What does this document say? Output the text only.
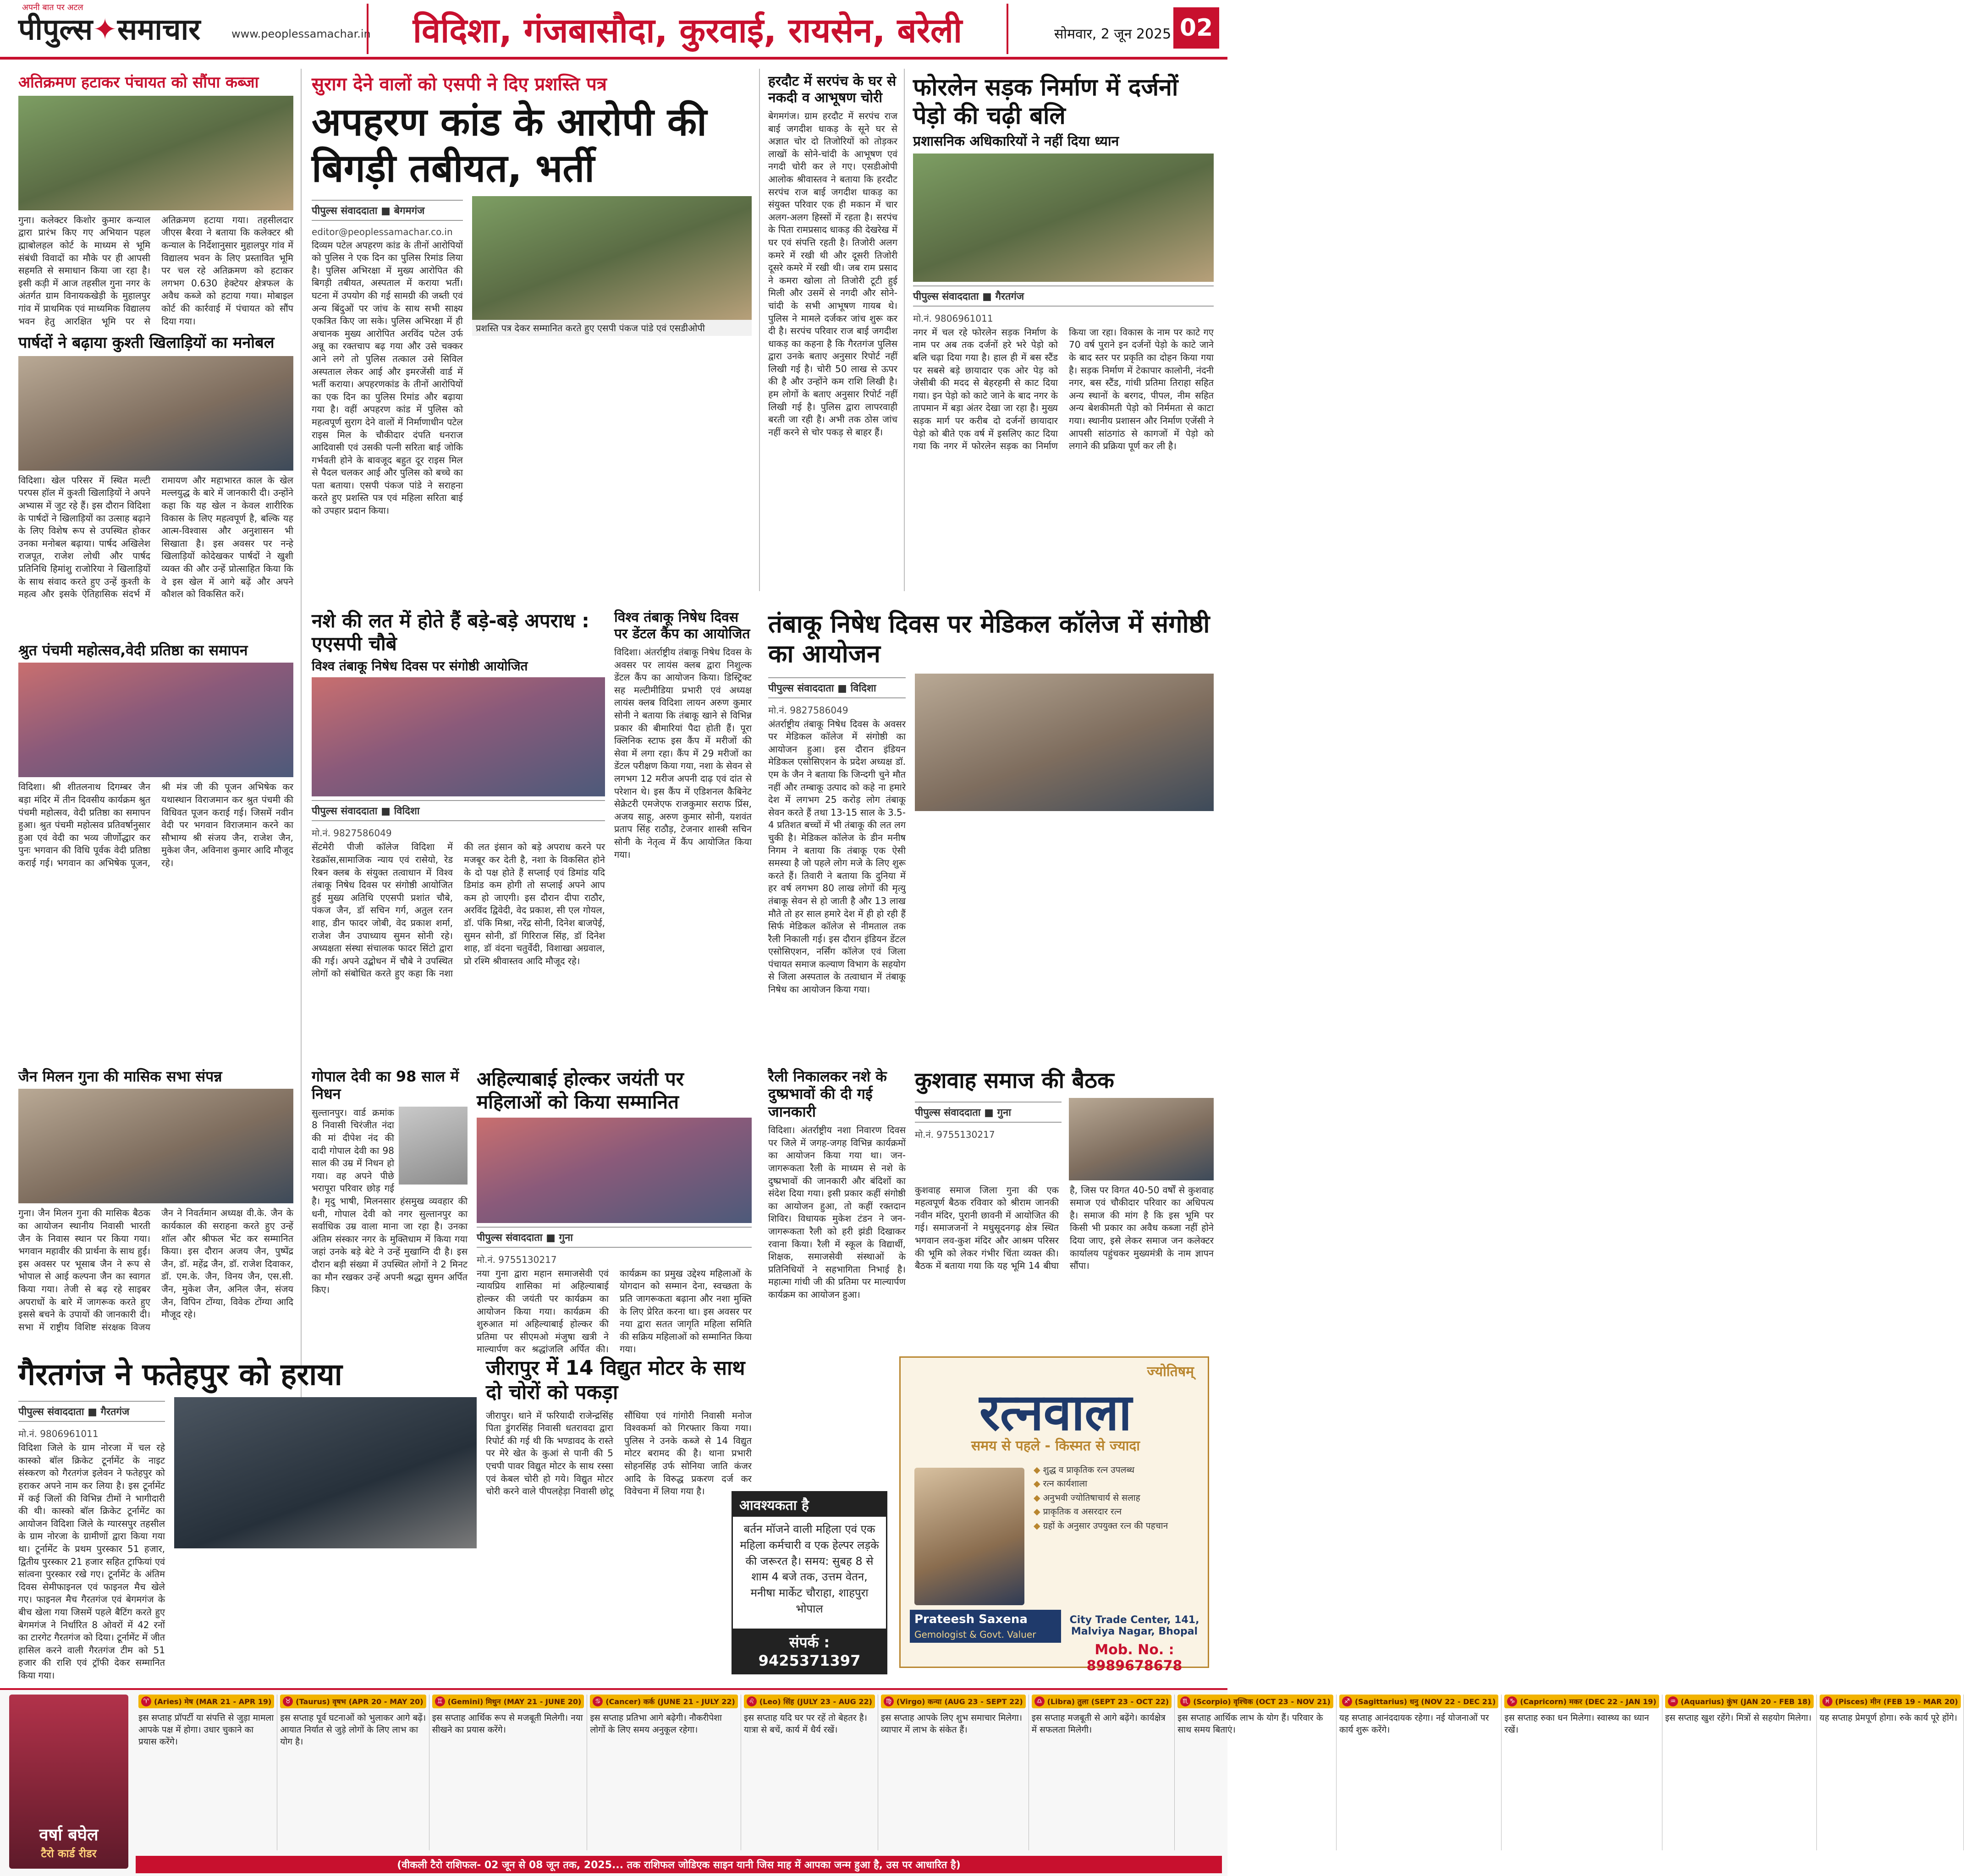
अपनी बात पर अटल
पीपुल्स✦समाचार	www.peoplessamachar.in	विदिशा, गंजबासौदा, कुरवाई, रायसेन, बरेली	सोमवार, 2 जून 2025 02
अतिक्रमण हटाकर पंचायत को सौंपा कब्जा
गुना। कलेक्टर किशोर कुमार कन्याल द्वारा प्रारंभ किए गए अभियान पहल ह्माबोलहल कोर्ट के माध्यम से भूमि संबंधी विवादों का मौके पर ही आपसी सहमति से समाधान किया जा रहा है। इसी कड़ी में आज तहसील गुना नगर के अंतर्गत ग्राम विनायकखेड़ी के मुहालपुर गांव में प्राथमिक एवं माध्यमिक विद्यालय भवन हेतु आरक्षित भूमि पर से अतिक्रमण हटाया गया। तहसीलदार जीएस बैरवा ने बताया कि कलेक्टर श्री कन्याल के निर्देशानुसार मुहालपुर गांव में विद्यालय भवन के लिए प्रस्तावित भूमि पर चल रहे अतिक्रमण को हटाकर लगभग 0.630 हेक्टेयर क्षेत्रफल के अवैध कब्जे को हटाया गया। मोबाइल कोर्ट की कार्रवाई में पंचायत को सौंप दिया गया।
पार्षदों ने बढ़ाया कुश्ती खिलाड़ियों का मनोबल
विदिशा। खेल परिसर में स्थित मल्टी परपस हॉल में कुश्ती खिलाड़ियों ने अपने अभ्यास में जुट रहे हैं। इस दौरान विदिशा के पार्षदों ने खिलाड़ियों का उत्साह बढ़ाने के लिए विशेष रूप से उपस्थित होकर उनका मनोबल बढ़ाया। पार्षद अखिलेश राजपूत, राजेश लोधी और पार्षद प्रतिनिधि हिमांशु राजोरिया ने खिलाड़ियों के साथ संवाद करते हुए उन्हें कुश्ती के महत्व और इसके ऐतिहासिक संदर्भ में रामायण और महाभारत काल के खेल मल्लयुद्ध के बारे में जानकारी दी। उन्होंने कहा कि यह खेल न केवल शारीरिक विकास के लिए महत्वपूर्ण है, बल्कि यह आत्म-विश्वास और अनुशासन भी सिखाता है। इस अवसर पर नन्हे खिलाड़ियों कोदेखकर पार्षदों ने खुशी व्यक्त की और उन्हें प्रोत्साहित किया कि वे इस खेल में आगे बढ़ें और अपने कौशल को विकसित करें।
श्रुत पंचमी महोत्सव,वेदी प्रतिष्ठा का समापन
विदिशा। श्री शीतलनाथ दिगम्बर जैन बड़ा मंदिर में तीन दिवसीय कार्यक्रम श्रुत पंचमी महोत्सव, वेदी प्रतिष्ठा का समापन हुआ। श्रुत पंचमी महोत्सव प्रतिवर्षानुसार हुआ एवं वेदी का भव्य जीर्णोद्धार कर पुनः भगवान की विधि पूर्वक वेदी प्रतिष्ठा कराई गई। भगवान का अभिषेक पूजन, श्री मंत्र जी की पूजन अभिषेक कर यथास्थान विराजमान कर श्रुत पंचमी की विधिवत पूजन कराई गई। जिसमें नवीन वेदी पर भगवान विराजमान करने का सौभाग्य श्री संजय जैन, राजेश जैन, मुकेश जैन, अविनाश कुमार आदि मौजूद रहे।
जैन मिलन गुना की मासिक सभा संपन्न
गुना। जैन मिलन गुना की मासिक बैठक का आयोजन स्थानीय निवासी भारती जैन के निवास स्थान पर किया गया। भगवान महावीर की प्रार्थना के साथ हुई। इस अवसर पर भूसाब जैन ने रूप से भोपाल से आई कल्पना जैन का स्वागत किया गया। तेजी से बढ़ रहे साइबर अपराधों के बारे में जागरूक करते हुए इससे बचने के उपायों की जानकारी दी। सभा में राष्ट्रीय विशिष्ट संरक्षक विजय जैन ने निवर्तमान अध्यक्ष वी.के. जैन के कार्यकाल की सराहना करते हुए उन्हें शॉल और श्रीफल भेंट कर सम्मानित किया। इस दौरान अजय जैन, पुष्पेंद्र जैन, डॉ. महेंद्र जैन, डॉ. राजेश दिवाकर, डॉ. एम.के. जैन, विनय जैन, एस.सी. जैन, मुकेश जैन, अनिल जैन, संजय जैन, विपिन टोंग्या, विवेक टोंग्या आदि मौजूद रहे।
सुराग देने वालों को एसपी ने दिए प्रशस्ति पत्र
अपहरण कांड के आरोपी की बिगड़ी तबीयत, भर्ती
पीपुल्स संवाददाता ■ बेगमगंज
editor@peoplessamachar.co.in
दिव्यम पटेल अपहरण कांड के तीनों आरोपियों को पुलिस ने एक दिन का पुलिस रिमांड लिया है। पुलिस अभिरक्षा में मुख्य आरोपित की बिगड़ी तबीयत, अस्पताल में कराया भर्ती। घटना में उपयोग की गई सामग्री की जब्ती एवं अन्य बिंदुओं पर जांच के साथ सभी साक्ष्य एकत्रित किए जा सके। पुलिस अभिरक्षा में ही अचानक मुख्य आरोपित अरविंद पटेल उर्फ अन्नू का रक्तचाप बढ़ गया और उसे चक्कर आने लगे तो पुलिस तत्काल उसे सिविल अस्पताल लेकर आई और इमरजेंसी वार्ड में भर्ती कराया। अपहरणकांड के तीनों आरोपियों का एक दिन का पुलिस रिमांड और बढ़ाया गया है। वहीं अपहरण कांड में पुलिस को महत्वपूर्ण सुराग देने वालों में निर्माणाधीन पटेल राइस मिल के चौकीदार दंपति धनराज आदिवासी एवं उसकी पत्नी सरिता बाई जोकि गर्भवती होने के बावजूद बहुत दूर राइस मिल से पैदल चलकर आई और पुलिस को बच्चे का पता बताया। एसपी पंकज पांडे ने सराहना करते हुए प्रशस्ति पत्र एवं महिला सरिता बाई को उपहार प्रदान किया।
प्रशस्ति पत्र देकर सम्मानित करते हुए एसपी पंकज पांडे एवं एसडीओपी
हरदौट में सरपंच के घर से नकदी व आभूषण चोरी
बेगमगंज। ग्राम हरदौट में सरपंच राज बाई जगदीश धाकड़ के सूने घर से अज्ञात चोर दो तिजोरियों को तोड़कर लाखों के सोने-चांदी के आभूषण एवं नगदी चोरी कर ले गए। एसडीओपी आलोक श्रीवास्तव ने बताया कि हरदौट सरपंच राज बाई जगदीश धाकड़ का संयुक्त परिवार एक ही मकान में चार अलग-अलग हिस्सों में रहता है। सरपंच के पिता रामप्रसाद धाकड़ की देखरेख में घर एवं संपत्ति रहती है। तिजोरी अलग कमरे में रखी थी और दूसरी तिजोरी दूसरे कमरे में रखी थी। जब राम प्रसाद ने कमरा खोला तो तिजोरी टूटी हुई मिली और उसमें से नगदी और सोने-चांदी के सभी आभूषण गायब थे। पुलिस ने मामले दर्जकर जांच शुरू कर दी है। सरपंच परिवार राज बाई जगदीश धाकड़ का कहना है कि गैरतगंज पुलिस द्वारा उनके बताए अनुसार रिपोर्ट नहीं लिखी गई है। चोरी 50 लाख से ऊपर की है और उन्होंने कम राशि लिखी है। हम लोगों के बताए अनुसार रिपोर्ट नहीं लिखी गई है। पुलिस द्वारा लापरवाही बरती जा रही है। अभी तक ठोस जांच नहीं करने से चोर पकड़ से बाहर हैं।
फोरलेन सड़क निर्माण में दर्जनों पेड़ो की चढ़ी बलि
प्रशासनिक अधिकारियों ने नहीं दिया ध्यान
पीपुल्स संवाददाता ■ गैरतगंज
मो.नं. 9806961011
नगर में चल रहे फोरलेन सड़क निर्माण के नाम पर अब तक दर्जनों हरे भरे पेड़ो को बलि चढ़ा दिया गया है। हाल ही में बस स्टैंड पर सबसे बड़े छायादार एक ओर पेड़ को जेसीबी की मदद से बेहरहमी से काट दिया गया। इन पेड़ो को काटे जाने के बाद नगर के तापमान में बड़ा अंतर देखा जा रहा है। मुख्य सड़क मार्ग पर करीब दो दर्जनों छायादार पेड़ो को बीते एक वर्ष में इसलिए काट दिया गया कि नगर में फोरलेन सड़क का निर्माण किया जा रहा। विकास के नाम पर काटे गए 70 वर्ष पुराने इन दर्जनों पेड़ो के काटे जाने के बाद स्तर पर प्रकृति का दोहन किया गया है। सड़क निर्माण में टेकापार कालोनी, नंदनी नगर, बस स्टैंड, गांधी प्रतिमा तिराहा सहित अन्य स्थानों के बरगद, पीपल, नीम सहित अन्य बेशकीमती पेड़ो को निर्ममता से काटा गया। स्थानीय प्रशासन और निर्माण एजेंसी ने आपसी सांठगांठ से कागजों में पेड़ो को लगाने की प्रक्रिया पूर्ण कर ली है।
नशे की लत में होते हैं बड़े-बड़े अपराध : एएसपी चौबे
विश्व तंबाकू निषेध दिवस पर संगोष्ठी आयोजित
पीपुल्स संवाददाता ■ विदिशा
मो.नं. 9827586049
सेंटमेरी पीजी कॉलेज विदिशा में रेडक्रॉस,सामाजिक न्याय एवं रासेयो, रेड रिबन क्लब के संयुक्त तत्वाधान में विश्व तंबाकू निषेध दिवस पर संगोष्ठी आयोजित हुई मुख्य अतिथि एएसपी प्रशांत चौबे, पंकज जैन, डॉ सचिन गर्ग, अतुल रतन शाह, डीन फादर जोबी, वेद प्रकाश शर्मा, राजेश जैन उपाध्याय सुमन सोनी रहे। अध्यक्षता संस्था संचालक फादर सिंटो द्वारा की गई। अपने उद्बोधन में चौबे ने उपस्थित लोगों को संबोधित करते हुए कहा कि नशा की लत इंसान को बड़े अपराध करने पर मजबूर कर देती है, नशा के विकसित होने के दो पक्ष होते हैं सप्लाई एवं डिमांड यदि डिमांड कम होगी तो सप्लाई अपने आप कम हो जाएगी। इस दौरान दीपा राठौर, अरविंद द्विवेदी, वेद प्रकाश, सी एल गोयल, डॉ. पंकि मिश्रा, नरेंद्र सोनी, दिनेश बाजपेई, सुमन सोनी, डॉ गिरिराज सिंह, डॉ दिनेश शाह, डॉ वंदना चतुर्वेदी, विशाखा अग्रवाल, प्रो रश्मि श्रीवास्तव आदि मौजूद रहे।
विश्व तंबाकू निषेध दिवस पर डेंटल कैंप का आयोजित
विदिशा। अंतर्राष्ट्रीय तंबाकू निषेध दिवस के अवसर पर लायंस क्लब द्वारा निशुल्क डेंटल कैंप का आयोजन किया। डिस्ट्रिक्ट सह मल्टीमीडिया प्रभारी एवं अध्यक्ष लायंस क्लब विदिशा लायन अरुण कुमार सोनी ने बताया कि तंबाकू खाने से विभिन्न प्रकार की बीमारियां पैदा होती हैं। पूरा क्लिनिक स्टाफ इस कैंप में मरीजों की सेवा में लगा रहा। कैंप में 29 मरीजों का डेंटल परीक्षण किया गया, नशा के सेवन से लगभग 12 मरीज अपनी दाढ़ एवं दांत से परेशान थे। इस कैंप में एडिशनल कैबिनेट सेक्रेटरी एमजेएफ राजकुमार सराफ प्रिंस, अजय साहू, अरुण कुमार सोनी, यशवंत प्रताप सिंह राठौड़, टेजनार शास्त्री सचिन सोनी के नेतृत्व में कैंप आयोजित किया गया।
तंबाकू निषेध दिवस पर मेडिकल कॉलेज में संगोष्ठी का आयोजन
पीपुल्स संवाददाता ■ विदिशा
मो.नं. 9827586049
अंतर्राष्ट्रीय तंबाकू निषेध दिवस के अवसर पर मेडिकल कॉलेज में संगोष्ठी का आयोजन हुआ। इस दौरान इंडियन मेडिकल एसोसिएशन के प्रदेश अध्यक्ष डॉ. एम के जैन ने बताया कि जिन्दगी चुने मौत नहीं और तम्बाकू उत्पाद को कहे ना हमारे देश में लगभग 25 करोड़ लोग तंबाकू सेवन करते हैं तथा 13-15 साल के 3.5-4 प्रतिशत बच्चों में भी तंबाकू की लत लग चुकी है। मेडिकल कॉलेज के डीन मनीष निगम ने बताया कि तंबाकू एक ऐसी समस्या है जो पहले लोग मजे के लिए शुरू करते हैं। तिवारी ने बताया कि दुनिया में हर वर्ष लगभग 80 लाख लोगों की मृत्यु तंबाकू सेवन से हो जाती है और 13 लाख मौते तो हर साल हमारे देश में ही हो रही हैं सिर्फ मेडिकल कॉलेज से नीमताल तक रैली निकाली गई। इस दौरान इंडियन डेंटल एसोसिएशन, नर्सिंग कॉलेज एवं जिला पंचायत समाज कल्याण विभाग के सहयोग से जिला अस्पताल के तत्वाधान में तंबाकू निषेध का आयोजन किया गया।
गोपाल देवी का 98 साल में निधन
सुल्तानपुर। वार्ड क्रमांक 8 निवासी चिरंजीत नंदा की मां दीपेश नंद की दादी गोपाल देवी का 98 साल की उम्र में निधन हो गया। वह अपने पीछे भरापूरा परिवार छोड़ गई है। मृदु भाषी, मिलनसार हंसमुख व्यवहार की धनी, गोपाल देवी को नगर सुल्तानपुर का सर्वाधिक उम्र वाला माना जा रहा है। उनका अंतिम संस्कार नगर के मुक्तिधाम में किया गया जहां उनके बड़े बेटे ने उन्हें मुखाग्नि दी है। इस दौरान बड़ी संख्या में उपस्थित लोगों ने 2 मिनट का मौन रखकर उन्हें अपनी श्रद्धा सुमन अर्पित किए।
अहिल्याबाई होल्कर जयंती पर महिलाओं को किया सम्मानित
पीपुल्स संवाददाता ■ गुना
मो.नं. 9755130217
नया गुना द्वारा महान समाजसेवी एवं न्यायप्रिय शासिका मां अहिल्याबाई होल्कर की जयंती पर कार्यक्रम का आयोजन किया गया। कार्यक्रम की शुरुआत मां अहिल्याबाई होल्कर की प्रतिमा पर सीएमओ मंजुषा खत्री ने माल्यार्पण कर श्रद्धांजलि अर्पित की। कार्यक्रम का प्रमुख उद्देश्य महिलाओं के योगदान को सम्मान देना, स्वच्छता के प्रति जागरूकता बढ़ाना और नशा मुक्ति के लिए प्रेरित करना था। इस अवसर पर नया द्वारा सतत जागृति महिला समिति की सक्रिय महिलाओं को सम्मानित किया गया।
रैली निकालकर नशे के दुष्प्रभावों की दी गई जानकारी
विदिशा। अंतर्राष्ट्रीय नशा निवारण दिवस पर जिले में जगह-जगह विभिन्न कार्यक्रमों का आयोजन किया गया था। जन-जागरूकता रैली के माध्यम से नशे के दुष्प्रभावों की जानकारी और बंदिशों का संदेश दिया गया। इसी प्रकार कहीं संगोष्ठी का आयोजन हुआ, तो कहीं रक्तदान शिविर। विधायक मुकेश टंडन ने जन-जागरूकता रैली को हरी झंडी दिखाकर रवाना किया। रैली में स्कूल के विद्यार्थी, शिक्षक, समाजसेवी संस्थाओं के प्रतिनिधियों ने सहभागिता निभाई है। महात्मा गांधी जी की प्रतिमा पर माल्यार्पण कार्यक्रम का आयोजन हुआ।
कुशवाह समाज की बैठक
पीपुल्स संवाददाता ■ गुना
मो.नं. 9755130217
कुशवाह समाज जिला गुना की एक महत्वपूर्ण बैठक रविवार को श्रीराम जानकी नवीन मंदिर, पुरानी छावनी में आयोजित की गई। समाजजनों ने मधुसूदनगढ़ क्षेत्र स्थित भगवान लव-कुश मंदिर और आश्रम परिसर की भूमि को लेकर गंभीर चिंता व्यक्त की। बैठक में बताया गया कि यह भूमि 14 बीघा है, जिस पर विगत 40-50 वर्षों से कुशवाह समाज एवं चौकीदार परिवार का अधिपत्य है। समाज की मांग है कि इस भूमि पर किसी भी प्रकार का अवैध कब्जा नहीं होने दिया जाए, इसे लेकर समाज जन कलेक्टर कार्यालय पहुंचकर मुख्यमंत्री के नाम ज्ञापन सौंपा।
गैरतगंज ने फतेहपुर को हराया
पीपुल्स संवाददाता ■ गैरतगंज
मो.नं. 9806961011
विदिशा जिले के ग्राम नोरजा में चल रहे कास्को बॉल क्रिकेट टूर्नामेंट के नाइट संस्करण को गैरतगंज इलेवन ने फतेहपुर को हराकर अपने नाम कर लिया है। इस टूर्नामेंट में कई जिलों की विभिन्न टीमों ने भागीदारी की थी। कास्को बॉल क्रिकेट टूर्नामेंट का आयोजन विदिशा जिले के ग्यारसपुर तहसील के ग्राम नोरजा के ग्रामीणों द्वारा किया गया था। टूर्नामेंट के प्रथम पुरस्कार 51 हजार, द्वितीय पुरस्कार 21 हजार सहित ट्राफियां एवं सांत्वना पुरस्कार रखे गए। टूर्नामेंट के अंतिम दिवस सेमीफाइनल एवं फाइनल मैच खेले गए। फाइनल मैच गैरतगंज एवं बेगमगंज के बीच खेला गया जिसमें पहले बैटिंग करते हुए बेगमगंज ने निर्धारित 8 ओवरों में 42 रनों का टारगेट गैरतगंज को दिया। टूर्नामेंट में जीत हासिल करने वाली गैरतगंज टीम को 51 हजार की राशि एवं ट्रॉफी देकर सम्मानित किया गया।
जीरापुर में 14 विद्युत मोटर के साथ दो चोरों को पकड़ा
जीरापुर। थाने में फरियादी राजेन्द्रसिंह पिता डुंगरसिंह निवासी धतरावदा द्वारा रिपोर्ट की गई थी कि भण्डावद के रास्ते पर मेरे खेत के कुआं से पानी की 5 एचपी पावर विद्युत मोटर के साथ रस्सा एवं केबल चोरी हो गये। विद्युत मोटर चोरी करने वाले पीपलहेड़ा निवासी छोटू सौंधिया एवं गांगोरी निवासी मनोज विश्वकर्मा को गिरफ्तार किया गया। पुलिस ने उनके कब्जे से 14 विद्युत मोटर बरामद की है। थाना प्रभारी सोहनसिंह उर्फ सोनिया जाति कंजर आदि के विरुद्ध प्रकरण दर्ज कर विवेचना में लिया गया है।
आवश्यकता है
बर्तन मॉजने वाली महिला एवं एक महिला कर्मचारी व एक हेल्पर लड़के की जरूरत है। समय: सुबह 8 से शाम 4 बजे तक, उत्तम वेतन, मनीषा मार्केट चौराहा, शाहपुरा भोपाल
संपर्क : 9425371397
ज्योतिषम्
रत्नवाला
समय से पहले - किस्मत से ज्यादा
◆ शुद्ध व प्राकृतिक रत्न उपलब्ध
◆ रत्न कार्यशाला
◆ अनुभवी ज्योतिषाचार्य से सलाह
◆ प्राकृतिक व असरदार रत्न
◆ ग्रहों के अनुसार उपयुक्त रत्न की पहचान
Prateesh Saxena
Gemologist & Govt. Valuer
City Trade Center, 141, Malviya Nagar, Bhopal
Mob. No. : 8989678678
वर्षा बघेल
टैरो कार्ड रीडर
♈ (Aries) मेष (MAR 21 - APR 19)
इस सप्ताह प्रॉपर्टी या संपत्ति से जुड़ा मामला आपके पक्ष में होगा। उधार चुकाने का प्रयास करेंगे।
♉ (Taurus) वृषभ (APR 20 - MAY 20)
इस सप्ताह पूर्व घटनाओं को भुलाकर आगे बढ़ें। आयात निर्यात से जुड़े लोगों के लिए लाभ का योग है।
♊ (Gemini) मिथुन (MAY 21 - JUNE 20)
इस सप्ताह आर्थिक रूप से मजबूती मिलेगी। नया सीखने का प्रयास करेंगे।
♋ (Cancer) कर्क (JUNE 21 - JULY 22)
इस सप्ताह प्रतिभा आगे बढ़ेगी। नौकरीपेशा लोगों के लिए समय अनुकूल रहेगा।
♌ (Leo) सिंह (JULY 23 - AUG 22)
इस सप्ताह यदि घर पर रहें तो बेहतर है। यात्रा से बचें, कार्य में धैर्य रखें।
♍ (Virgo) कन्या (AUG 23 - SEPT 22)
इस सप्ताह आपके लिए शुभ समाचार मिलेगा। व्यापार में लाभ के संकेत हैं।
♎ (Libra) तुला (SEPT 23 - OCT 22)
इस सप्ताह मजबूती से आगे बढ़ेंगे। कार्यक्षेत्र में सफलता मिलेगी।
♏ (Scorpio) वृश्चिक (OCT 23 - NOV 21)
इस सप्ताह आर्थिक लाभ के योग हैं। परिवार के साथ समय बिताएं।
♐ (Sagittarius) धनु (NOV 22 - DEC 21)
यह सप्ताह आनंददायक रहेगा। नई योजनाओं पर कार्य शुरू करेंगे।
♑ (Capricorn) मकर (DEC 22 - JAN 19)
इस सप्ताह रुका धन मिलेगा। स्वास्थ्य का ध्यान रखें।
♒ (Aquarius) कुंभ (JAN 20 - FEB 18)
इस सप्ताह खुश रहेंगे। मित्रों से सहयोग मिलेगा।
♓ (Pisces) मीन (FEB 19 - MAR 20)
यह सप्ताह प्रेमपूर्ण होगा। रुके कार्य पूरे होंगे।
(वीकली टैरो राशिफल- 02 जून से 08 जून तक, 2025... तक राशिफल जोडिएक साइन यानी जिस माह में आपका जन्म हुआ है, उस पर आधारित है)
